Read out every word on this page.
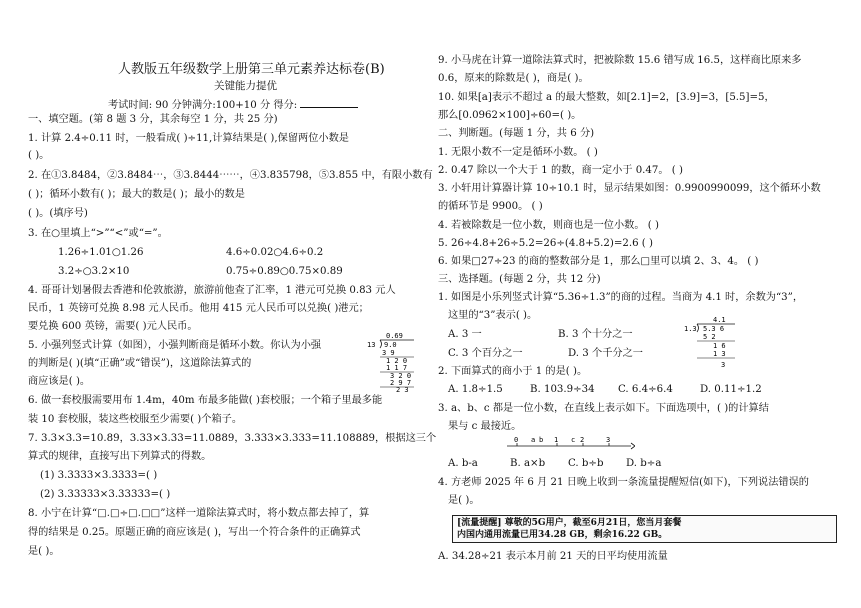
人教版五年级数学上册第三单元素养达标卷(B)
关键能力提优
考试时间: 90 分钟满分:100+10 分 得分:
一、填空题。(第 8 题 3 分，其余每空 1 分，共 25 分)
1. 计算 2.4÷0.11 时，一般看成( )÷11,计算结果是( ),保留两位小数是
( )。
2. 在①3.8484，②3.8484⋯，③3.8444⋯⋯，④3.835798，⑤3.855 中，有限小数有
( )；循环小数有( )；最大的数是( )；最小的数是
( )。(填序号)
3. 在○里填上“>”“<”或“=”。
1.26÷1.01○1.26	4.6÷0.02○4.6÷0.2
3.2÷○3.2×10	0.75÷0.89○0.75×0.89
4. 哥哥计划暑假去香港和伦敦旅游，旅游前他查了汇率，1 港元可兑换 0.83 元人
民币，1 英镑可兑换 8.98 元人民币。他用 415 元人民币可以兑换( )港元；
要兑换 600 英镑，需要( )元人民币。
5. 小强列竖式计算（如图），小强判断商是循环小数。你认为小强
的判断是( )(填“正确”或“错误”)，这道除法算式的
商应该是( )。
6. 做一套校服需要用布 1.4m，40m 布最多能做( )套校服；一个箱子里最多能
装 10 套校服，装这些校服至少需要( )个箱子。
7. 3.3×3.3=10.89，3.33×3.33=11.0889，3.333×3.333=11.108889，根据这三个
算式的规律，直接写出下列算式的得数。
(1) 3.3333×3.3333=( )
(2) 3.33333×3.33333=( )
8. 小宁在计算“□.□÷□.□□”这样一道除法算式时，将小数点都去掉了，算
得的结果是 0.25。原题正确的商应该是( )，写出一个符合条件的正确算式
是( )。
0.69
13 9.0
3 9
1 2 0
1 1 7
3 2 0
2 9 7
2 3
9. 小马虎在计算一道除法算式时，把被除数 15.6 错写成 16.5，这样商比原来多
0.6，原来的除数是( )，商是( )。
10. 如果[a]表示不超过 a 的最大整数，如[2.1]=2，[3.9]=3，[5.5]=5，
那么[0.0962×100]÷60=( )。
二、判断题。(每题 1 分，共 6 分)
1. 无限小数不一定是循环小数。 ( )
2. 0.47 除以一个大于 1 的数，商一定小于 0.47。 ( )
3. 小轩用计算器计算 10÷10.1 时，显示结果如图：0.9900990099，这个循环小数
的循环节是 9900。 ( )
4. 若被除数是一位小数，则商也是一位小数。 ( )
5. 26÷4.8+26÷5.2=26÷(4.8+5.2)=2.6 ( )
6. 如果□27÷23 的商的整数部分是 1，那么□里可以填 2、3、4。 ( )
三、选择题。(每题 2 分，共 12 分)
1. 如图是小乐列竖式计算“5.36÷1.3”的商的过程。当商为 4.1 时，余数为“3”，
这里的“3”表示( )。
A. 3 一	B. 3 个十分之一
C. 3 个百分之一	D. 3 个千分之一
2. 下面算式的商小于 1 的是( )。
A. 1.8÷1.5	B. 103.9÷34 C. 6.4÷6.4	D. 0.11÷1.2
3. a、b、c 都是一位小数，在直线上表示如下。下面选项中，( )的计算结
果与 c 最接近。
A. b-a	B. a×b C. b÷b D. b÷a
4. 方老师 2025 年 6 月 21 日晚上收到一条流量提醒短信(如下)，下列说法错误的
是( )。
A. 34.28÷21 表示本月前 21 天的日平均使用流量
4.1
1.3 5.3 6
5 2
1 6
1 3
3
0 a b 1 c 2	3
[流量提醒] 尊敬的5G用户，截至6月21日，您当月套餐
内国内通用流量已用34.28 GB，剩余16.22 GB。
